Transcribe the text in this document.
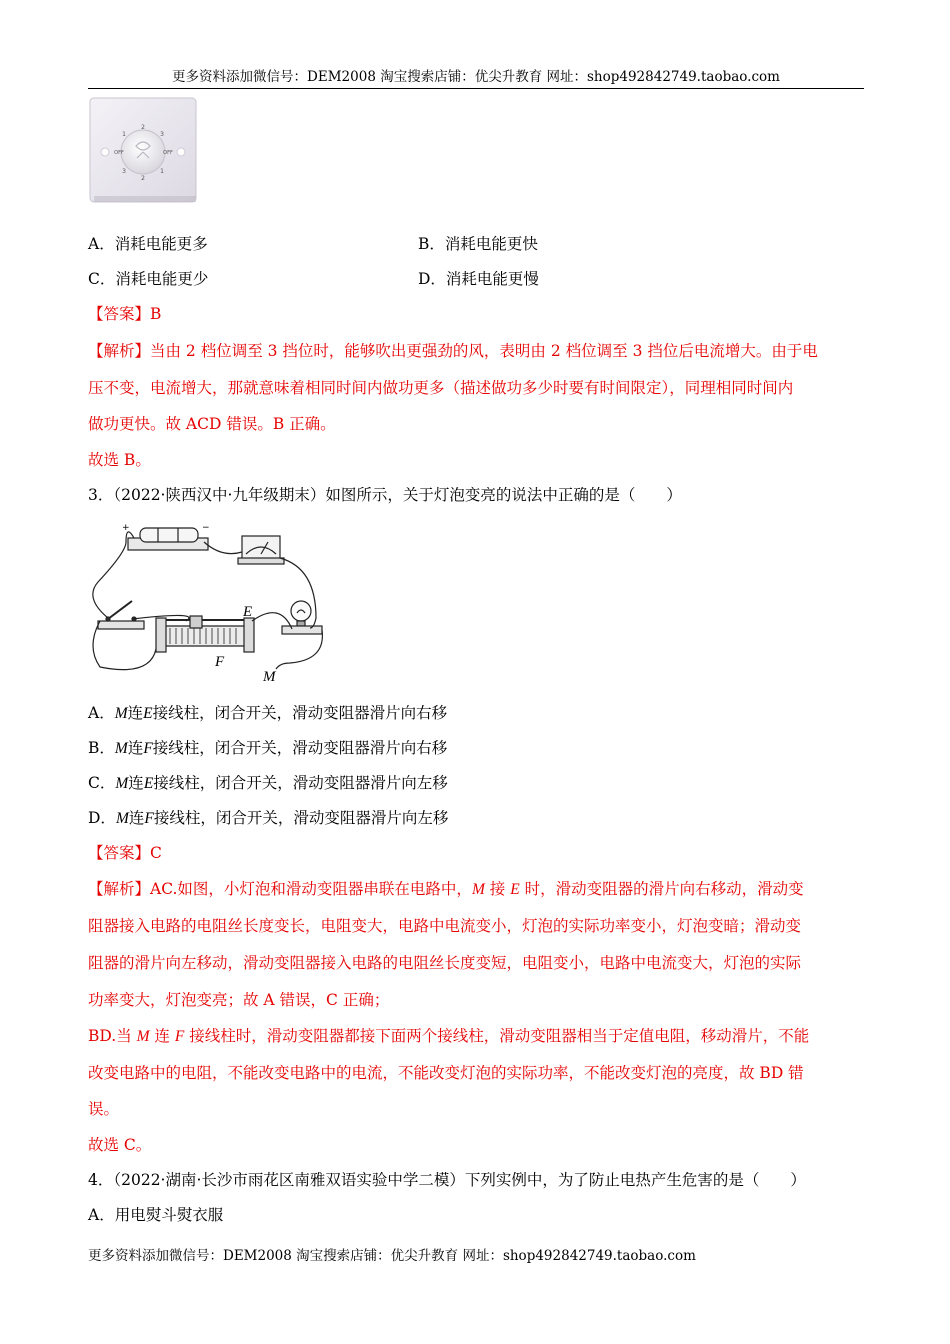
更多资料添加微信号：DEM2008 淘宝搜索店铺：优尖升教育 网址：shop492842749.taobao.com
2
1	3
OFF	OFF
3	1
2
A．消耗电能更多	B．消耗电能更快
C．消耗电能更少	D．消耗电能更慢
【答案】B
【解析】当由 2 档位调至 3 挡位时，能够吹出更强劲的风，表明由 2 档位调至 3 挡位后电流增大。由于电
压不变，电流增大，那就意味着相同时间内做功更多（描述做功多少时要有时间限定），同理相同时间内
做功更快。故 ACD 错误。B 正确。
故选 B。
3．（2022·陕西汉中·九年级期末）如图所示，关于灯泡变亮的说法中正确的是（　　）
+	−
E
F
M
A．M连E接线柱，闭合开关，滑动变阻器滑片向右移
B．M连F接线柱，闭合开关，滑动变阻器滑片向右移
C．M连E接线柱，闭合开关，滑动变阻器滑片向左移
D．M连F接线柱，闭合开关，滑动变阻器滑片向左移
【答案】C
【解析】AC.如图，小灯泡和滑动变阻器串联在电路中，M 接 E 时，滑动变阻器的滑片向右移动，滑动变
阻器接入电路的电阻丝长度变长，电阻变大，电路中电流变小，灯泡的实际功率变小，灯泡变暗；滑动变
阻器的滑片向左移动，滑动变阻器接入电路的电阻丝长度变短，电阻变小，电路中电流变大，灯泡的实际
功率变大，灯泡变亮；故 A 错误，C 正确；
BD.当 M 连 F 接线柱时，滑动变阻器都接下面两个接线柱，滑动变阻器相当于定值电阻，移动滑片，不能
改变电路中的电阻，不能改变电路中的电流，不能改变灯泡的实际功率，不能改变灯泡的亮度，故 BD 错
误。
故选 C。
4．（2022·湖南·长沙市雨花区南雅双语实验中学二模）下列实例中，为了防止电热产生危害的是（　　）
A．用电熨斗熨衣服
更多资料添加微信号：DEM2008 淘宝搜索店铺：优尖升教育 网址：shop492842749.taobao.com
